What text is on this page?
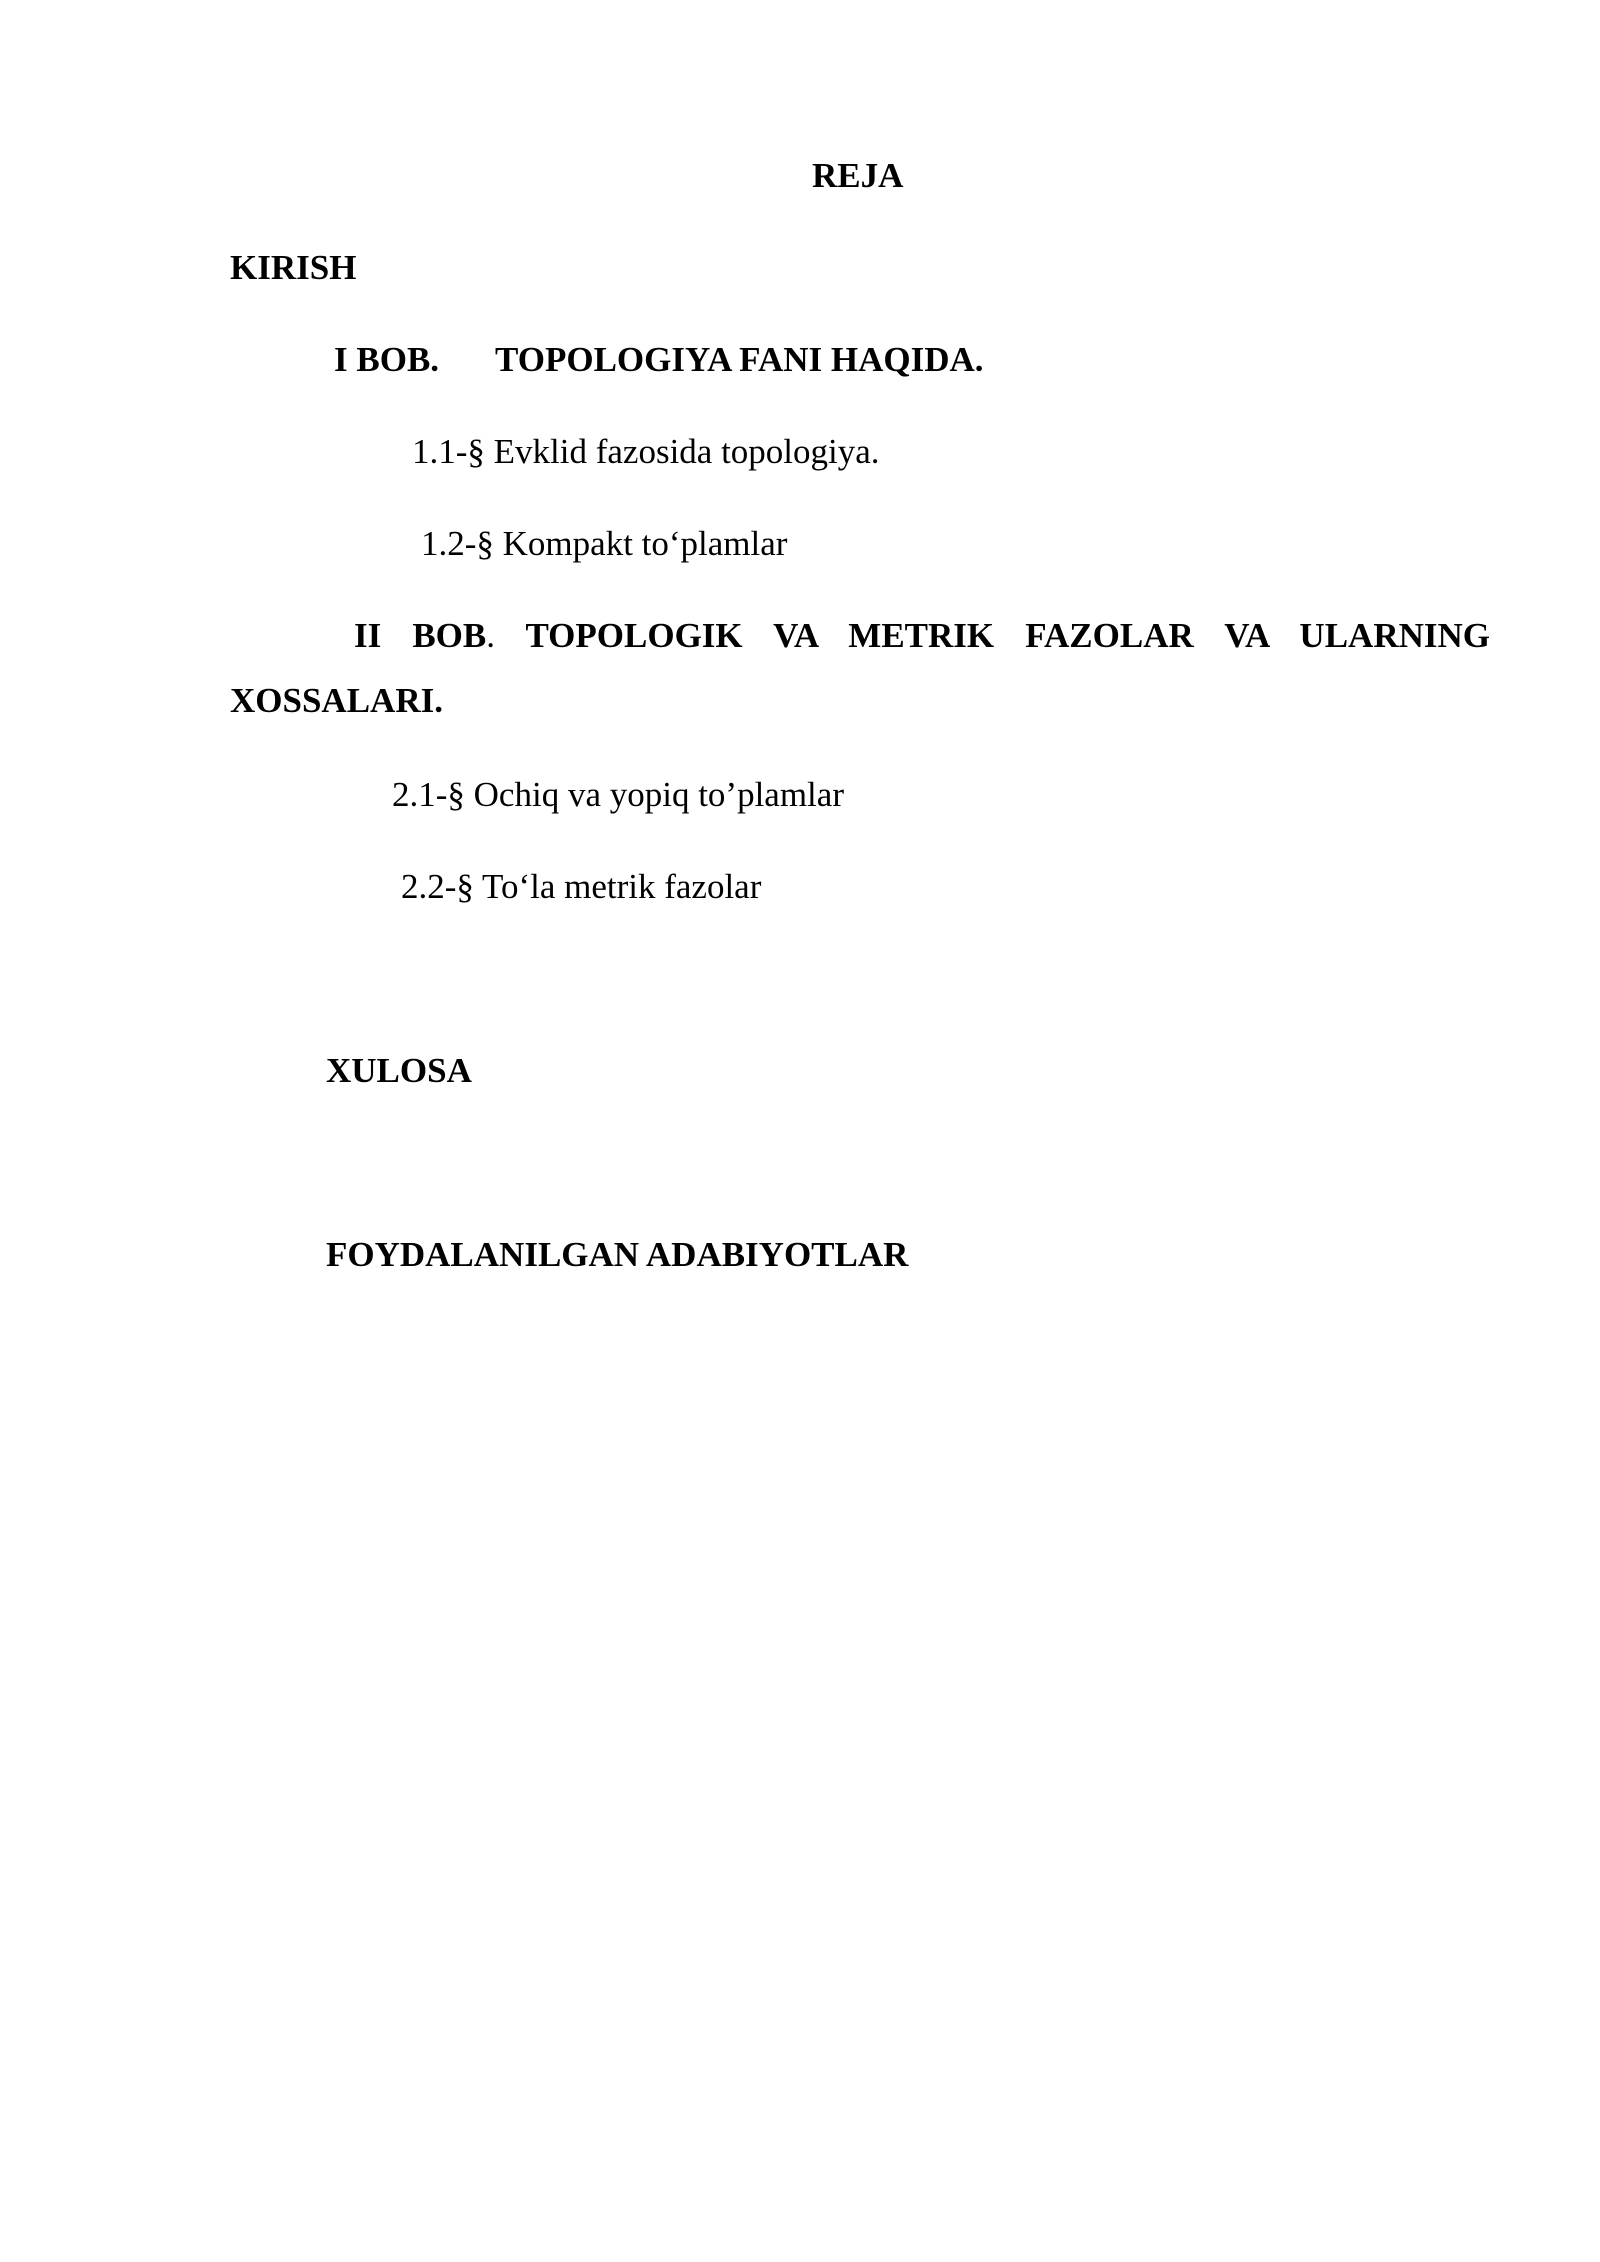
REJA
KIRISH
I BOB. TOPOLOGIYA FANI HAQIDA.
1.1-§ Evklid fazosida topologiya.
1.2-§ Kompakt to‘plamlar
II BOB. TOPOLOGIK VA METRIK FAZOLAR VA ULARNING
XOSSALARI.
2.1-§ Ochiq va yopiq to’plamlar
2.2-§ To‘la metrik fazolar
XULOSA
FOYDALANILGAN ADABIYOTLAR
